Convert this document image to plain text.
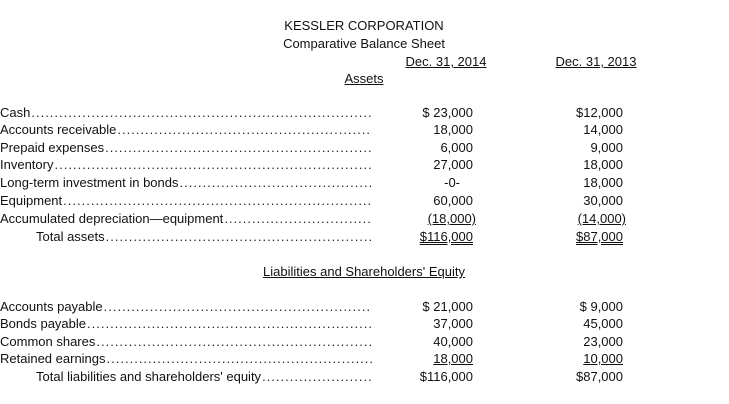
KESSLER CORPORATION
Comparative Balance Sheet
Dec. 31, 2014	Dec. 31, 2013
Assets
Cash .....	$ 23,000	$12,000
Accounts receivable .....	18,000	14,000
Prepaid expenses .....	6,000	9,000
Inventory .....	27,000	18,000
Long-term investment in bonds .....	-0-	18,000
Equipment .....	60,000	30,000
Accumulated depreciation—equipment .....	(18,000)	(14,000)
Total assets .....	$116,000	$87,000
Liabilities and Shareholders' Equity
Accounts payable .....	$ 21,000	$ 9,000
Bonds payable .....	37,000	45,000
Common shares .....	40,000	23,000
Retained earnings .....	18,000	10,000
Total liabilities and shareholders' equity .....	$116,000	$87,000
